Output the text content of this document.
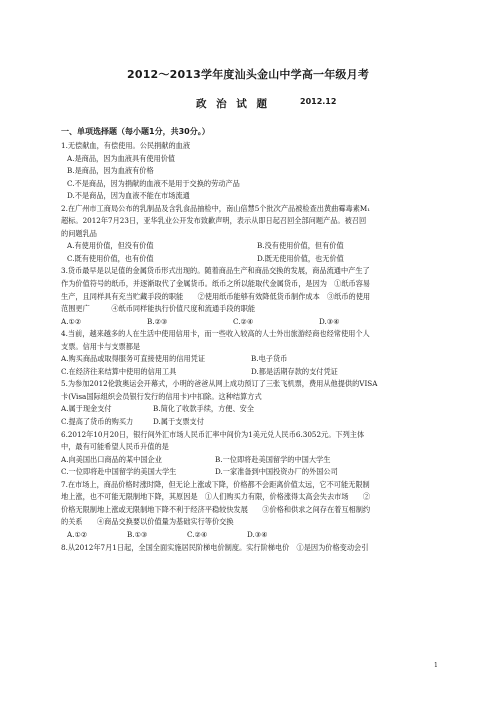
2012～2013学年度汕头金山中学高一年级月考
政 治 试 题	2012.12
一、单项选择题（每小题1分，共30分。）
1.无偿献血，有偿使用。公民捐献的血液
A.是商品，因为血液具有使用价值
B.是商品，因为血液有价格
C.不是商品，因为捐献的血液不是用于交换的劳动产品
D.不是商品，因为血液不能在市场流通
2.在广州市工商局公布的乳制品及含乳食品抽检中，南山倍慧5个批次产品被检查出黄曲霉毒素M₁
超标。2012年7月23日，亚华乳业公开发布致歉声明，表示从即日起召回全部问题产品。被召回
的问题乳品
A.有使用价值，但没有价值	B.没有使用价值，但有价值
C.既有使用价值，也有价值	D.既无使用价值，也无价值
3.货币最早是以足值的金属货币形式出现的。随着商品生产和商品交换的发展，商品流通中产生了
作为价值符号的纸币，并逐渐取代了金属货币。纸币之所以能取代金属货币，是因为　①纸币容易
生产，且同样具有充当贮藏手段的职能　　②使用纸币能够有效降低货币制作成本　③纸币的使用
范围更广　　　④纸币同样能执行价值尺度和流通手段的职能
A.①②	B.②③	C.②④	D.③④
4.当前，越来越多的人在生活中使用信用卡，而一些收入较高的人士外出旅游经商也经常使用个人
支票。信用卡与支票都是
A.购买商品或取得服务可直接使用的信用凭证	B.电子货币
C.在经济往来结算中使用的信用工具	D.都是活期存款的支付凭证
5.为参加2012伦敦奥运会开幕式，小明的爸爸从网上成功预订了三张飞机票，费用从他提供的VISA
卡(Visa国际组织会员银行发行的信用卡)中扣除。这种结算方式
A.属于现金支付	B.简化了收款手续，方便、安全
C.提高了货币的购买力	D.属于支票支付
6.2012年10月20日，银行间外汇市场人民币汇率中间价为1美元兑人民币6.3052元。下列主体
中，最有可能希望人民币升值的是
A.向美国出口商品的某中国企业	B.一位即将赴美国留学的中国大学生
C.一位即将赴中国留学的美国大学生	D.一家准备到中国投资办厂的外国公司
7.在市场上，商品价格时涨时降，但无论上涨或下降，价格都不会距离价值太远，它不可能无限制
地上涨，也不可能无限制地下降，其原因是　①人们购买力有限，价格涨得太高会失去市场　　②
价格无限制地上涨或无限制地下降不利于经济平稳较快发展　　③价格和供求之间存在着互相制约
的关系　　④商品交换要以价值量为基础实行等价交换
A.①②	B.①③	C.②④	D.③④
8.从2012年7月1日起，全国全面实施居民阶梯电价制度。实行阶梯电价　①是因为价格变动会引
1
